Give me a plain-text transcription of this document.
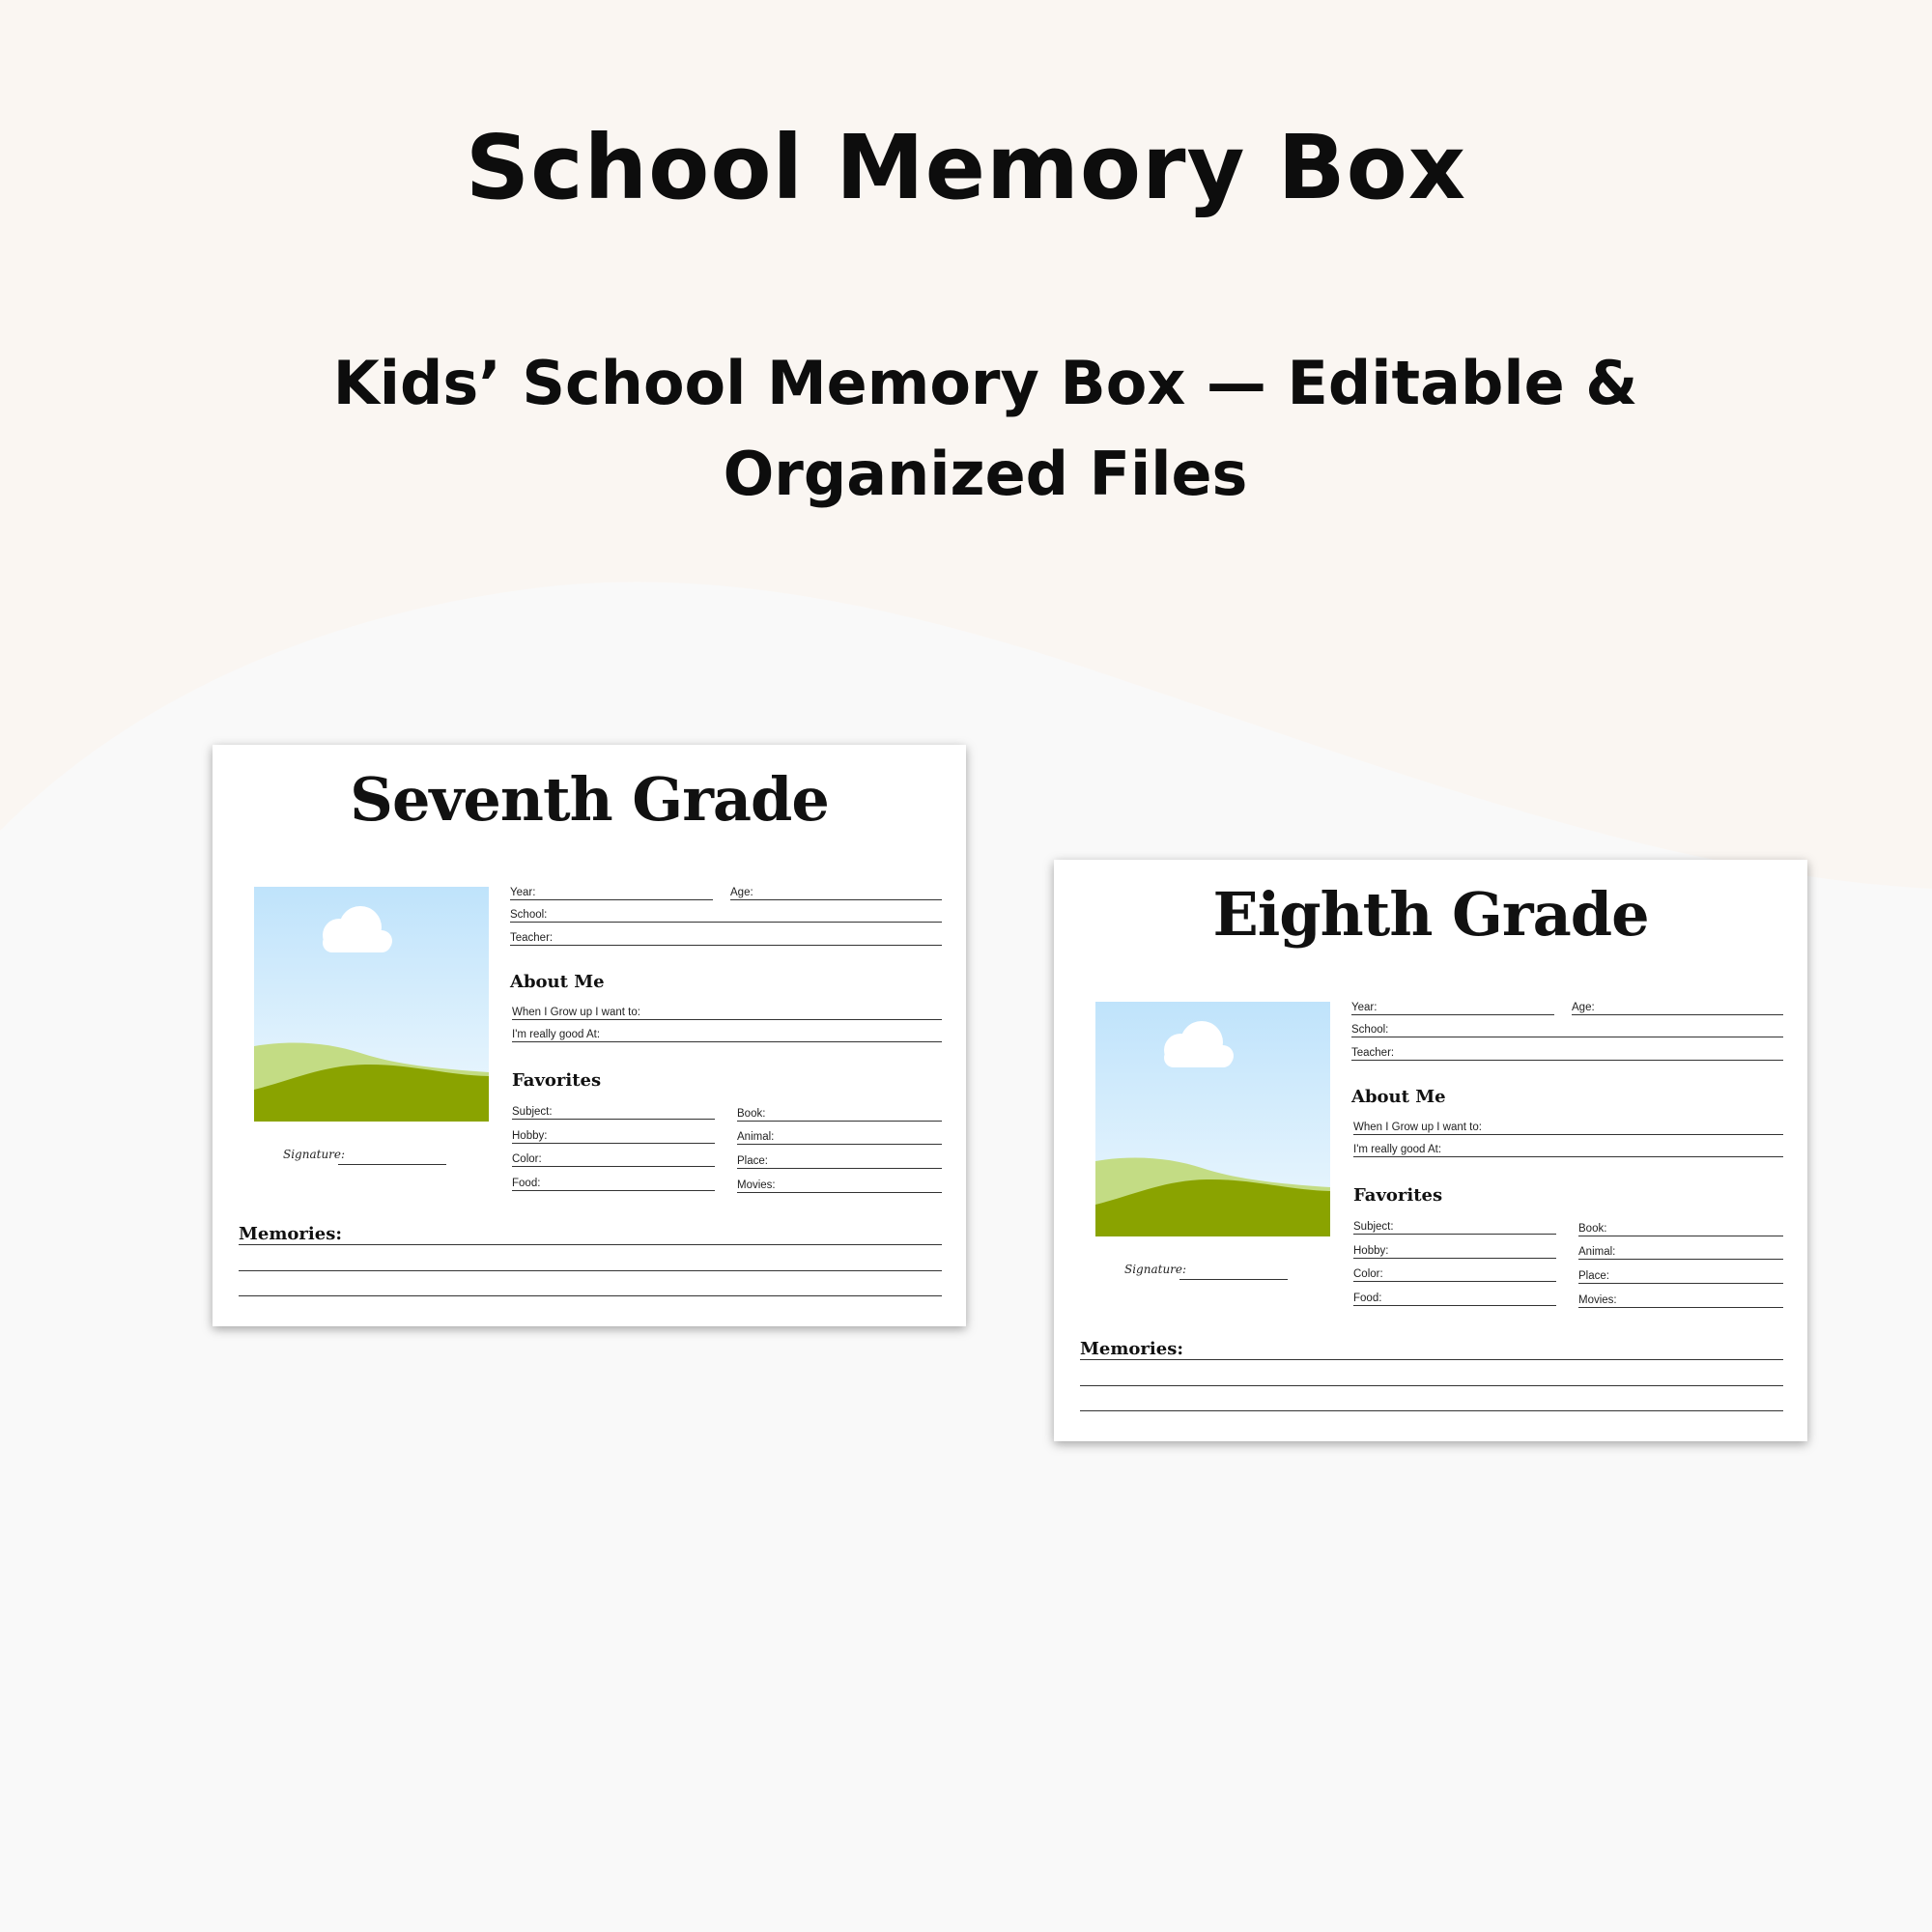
School Memory Box
Kids’ School Memory Box — Editable & Organized Files
Seventh Grade
Year:	Age:
School:
Teacher:
About Me
When I Grow up I want to:
I'm really good At:
Favorites
Subject:
Hobby:
Color:
Food:
Book:
Animal:
Place:
Movies:
Signature:
Memories:
Eighth Grade
Year:	Age:
School:
Teacher:
About Me
When I Grow up I want to:
I'm really good At:
Favorites
Subject:
Hobby:
Color:
Food:
Book:
Animal:
Place:
Movies:
Signature:
Memories:
